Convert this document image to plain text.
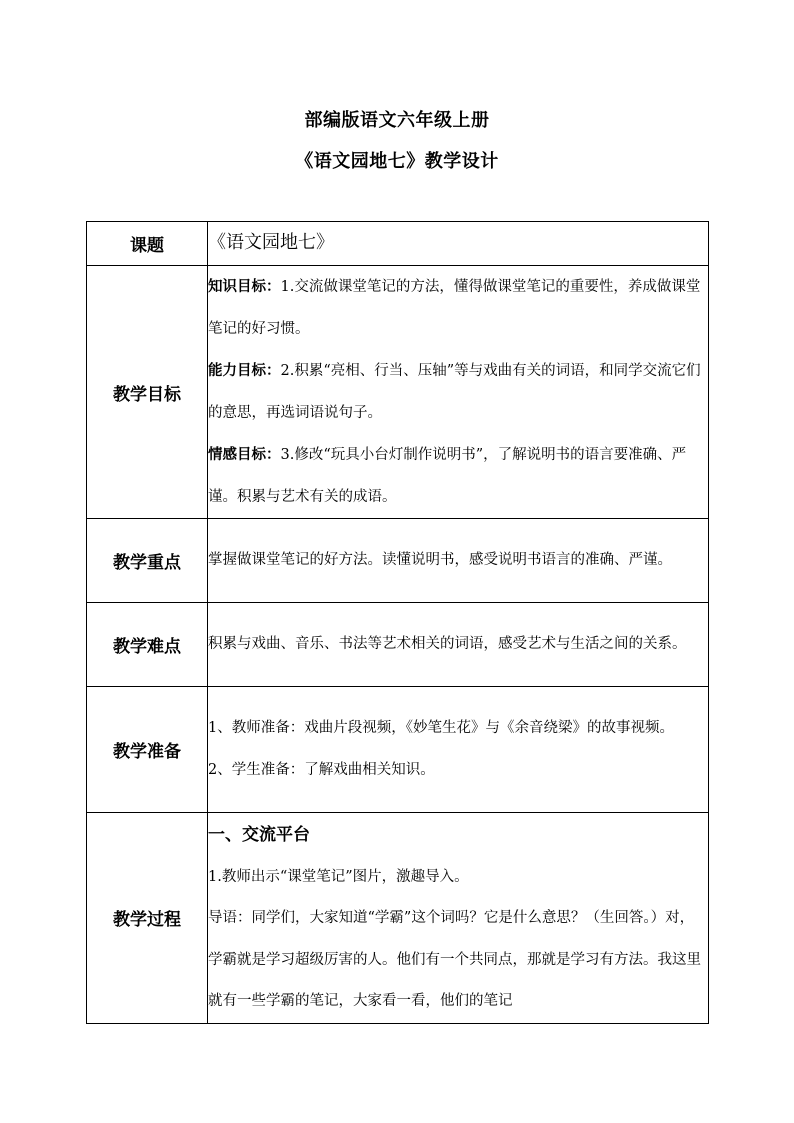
部编版语文六年级上册
《语文园地七》教学设计
课题	《语文园地七》
教学目标	知识目标：1.交流做课堂笔记的方法，懂得做课堂笔记的重要性，养成做课堂笔记的好习惯。

能力目标：2.积累“亮相、行当、压轴”等与戏曲有关的词语，和同学交流它们的意思，再选词语说句子。

情感目标：3.修改“玩具小台灯制作说明书”，了解说明书的语言要准确、严谨。积累与艺术有关的成语。

教学重点	掌握做课堂笔记的好方法。读懂说明书，感受说明书语言的准确、严谨。

教学难点	积累与戏曲、音乐、书法等艺术相关的词语，感受艺术与生活之间的关系。

教学准备	1、教师准备：戏曲片段视频，《妙笔生花》与《余音绕梁》的故事视频。

2、学生准备：了解戏曲相关知识。

教学过程	一、交流平台

1.教师出示“课堂笔记”图片，激趣导入。

导语：同学们，大家知道“学霸”这个词吗？它是什么意思？（生回答。）对，学霸就是学习超级厉害的人。他们有一个共同点，那就是学习有方法。我这里就有一些学霸的笔记，大家看一看，他们的笔记
